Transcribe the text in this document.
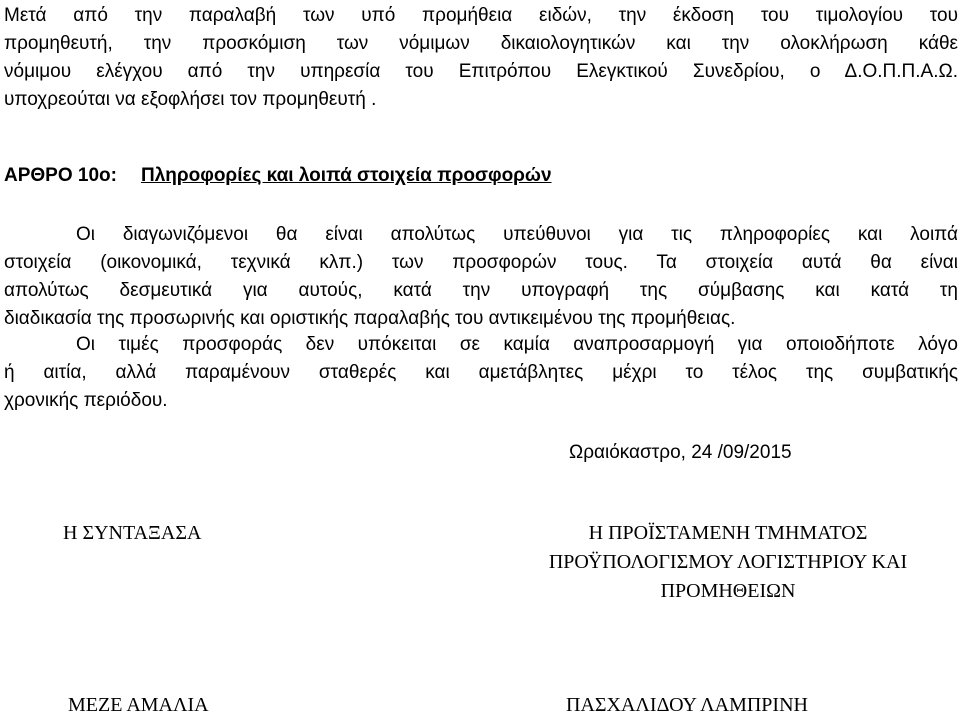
Μετά από την παραλαβή των υπό προμήθεια ειδών, την έκδοση του τιμολογίου του
προμηθευτή, την προσκόμιση των νόμιμων δικαιολογητικών και την ολοκλήρωση κάθε
νόμιμου ελέγχου από την υπηρεσία του Επιτρόπου Ελεγκτικού Συνεδρίου, ο Δ.Ο.Π.Π.Α.Ω.
υποχρεούται να εξοφλήσει τον προμηθευτή .
ΑΡΘΡΟ 10ο: Πληροφορίες και λοιπά στοιχεία προσφορών
Οι διαγωνιζόμενοι θα είναι απολύτως υπεύθυνοι για τις πληροφορίες και λοιπά
στοιχεία (οικονομικά, τεχνικά κλπ.) των προσφορών τους. Τα στοιχεία αυτά θα είναι
απολύτως δεσμευτικά για αυτούς, κατά την υπογραφή της σύμβασης και κατά τη
διαδικασία της προσωρινής και οριστικής παραλαβής του αντικειμένου της προμήθειας.
Οι τιμές προσφοράς δεν υπόκειται σε καμία αναπροσαρμογή για οποιοδήποτε λόγο
ή αιτία, αλλά παραμένουν σταθερές και αμετάβλητες μέχρι το τέλος της συμβατικής
χρονικής περιόδου.
Ωραιόκαστρο, 24 /09/2015
Η ΣΥΝΤΑΞΑΣΑ	Η ΠΡΟΪΣΤΑΜΕΝΗ ΤΜΗΜΑΤΟΣ
ΠΡΟΫΠΟΛΟΓΙΣΜΟΥ ΛΟΓΙΣΤΗΡΙΟΥ ΚΑΙ
ΠΡΟΜΗΘΕΙΩΝ
ΜΕΖΕ ΑΜΑΛΙΑ	ΠΑΣΧΑΛΙΔΟΥ ΛΑΜΠΡΙΝΗ
